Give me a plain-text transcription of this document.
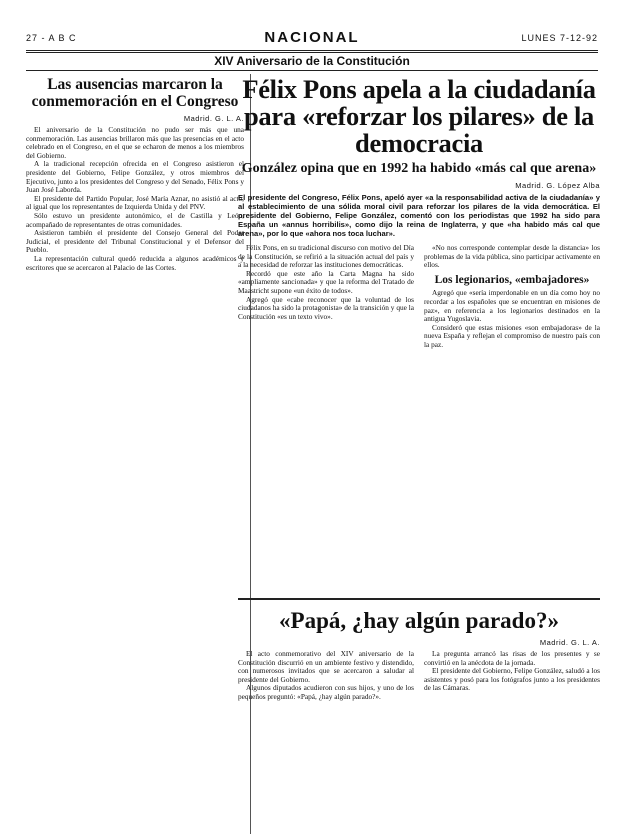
27 - A B C	NACIONAL	LUNES 7-12-92
XIV Aniversario de la Constitución
Las ausencias marcaron la conmemoración en el Congreso
Madrid. G. L. A.

El aniversario de la Constitución no pudo ser más que una conmemoración. Las ausencias brillaron más que las presencias en el acto celebrado en el Congreso, en el que se echaron de menos a los miembros del Gobierno.

A la tradicional recepción ofrecida en el Congreso asistieron el presidente del Gobierno, Felipe González, y otros miembros del Ejecutivo, junto a los presidentes del Congreso y del Senado, Félix Pons y Juan José Laborda.

El presidente del Partido Popular, José María Aznar, no asistió al acto, al igual que los representantes de Izquierda Unida y del PNV.

Sólo estuvo un presidente autonómico, el de Castilla y León, acompañado de representantes de otras comunidades.

Asistieron también el presidente del Consejo General del Poder Judicial, el presidente del Tribunal Constitucional y el Defensor del Pueblo.

La representación cultural quedó reducida a algunos académicos y escritores que se acercaron al Palacio de las Cortes.

Félix Pons apela a la ciudadanía para «reforzar los pilares» de la democracia
González opina que en 1992 ha habido «más cal que arena»
Madrid. G. López Alba
El presidente del Congreso, Félix Pons, apeló ayer «a la responsabilidad activa de la ciudadanía» y al establecimiento de una sólida moral civil para reforzar los pilares de la vida democrática. El presidente del Gobierno, Felipe González, comentó con los periodistas que 1992 ha sido para España un «annus horribilis», como dijo la reina de Inglaterra, y que «ha habido más cal que arena», por lo que «ahora nos toca luchar».

Félix Pons, en su tradicional discurso con motivo del Día de la Constitución, se refirió a la situación actual del país y a la necesidad de reforzar las instituciones democráticas.

Recordó que este año la Carta Magna ha sido «ampliamente sancionada» y que la reforma del Tratado de Maastricht supone «un éxito de todos».

Agregó que «cabe reconocer que la voluntad de los ciudadanos ha sido la protagonista» de la transición y que la Constitución «es un texto vivo».

«No nos corresponde contemplar desde la distancia» los problemas de la vida pública, sino participar activamente en ellos.

Los legionarios, «embajadores»

Agregó que «sería imperdonable en un día como hoy no recordar a los españoles que se encuentran en misiones de paz», en referencia a los legionarios destinados en la antigua Yugoslavia.

Consideró que estas misiones «son embajadoras» de la nueva España y reflejan el compromiso de nuestro país con la paz.

«Papá, ¿hay algún parado?»
Madrid. G. L. A.

El acto conmemorativo del XIV aniversario de la Constitución discurrió en un ambiente festivo y distendido, con numerosos invitados que se acercaron a saludar al presidente del Gobierno.

Algunos diputados acudieron con sus hijos, y uno de los pequeños preguntó: «Papá, ¿hay algún parado?».

La pregunta arrancó las risas de los presentes y se convirtió en la anécdota de la jornada.

El presidente del Gobierno, Felipe González, saludó a los asistentes y posó para los fotógrafos junto a los presidentes de las Cámaras.
